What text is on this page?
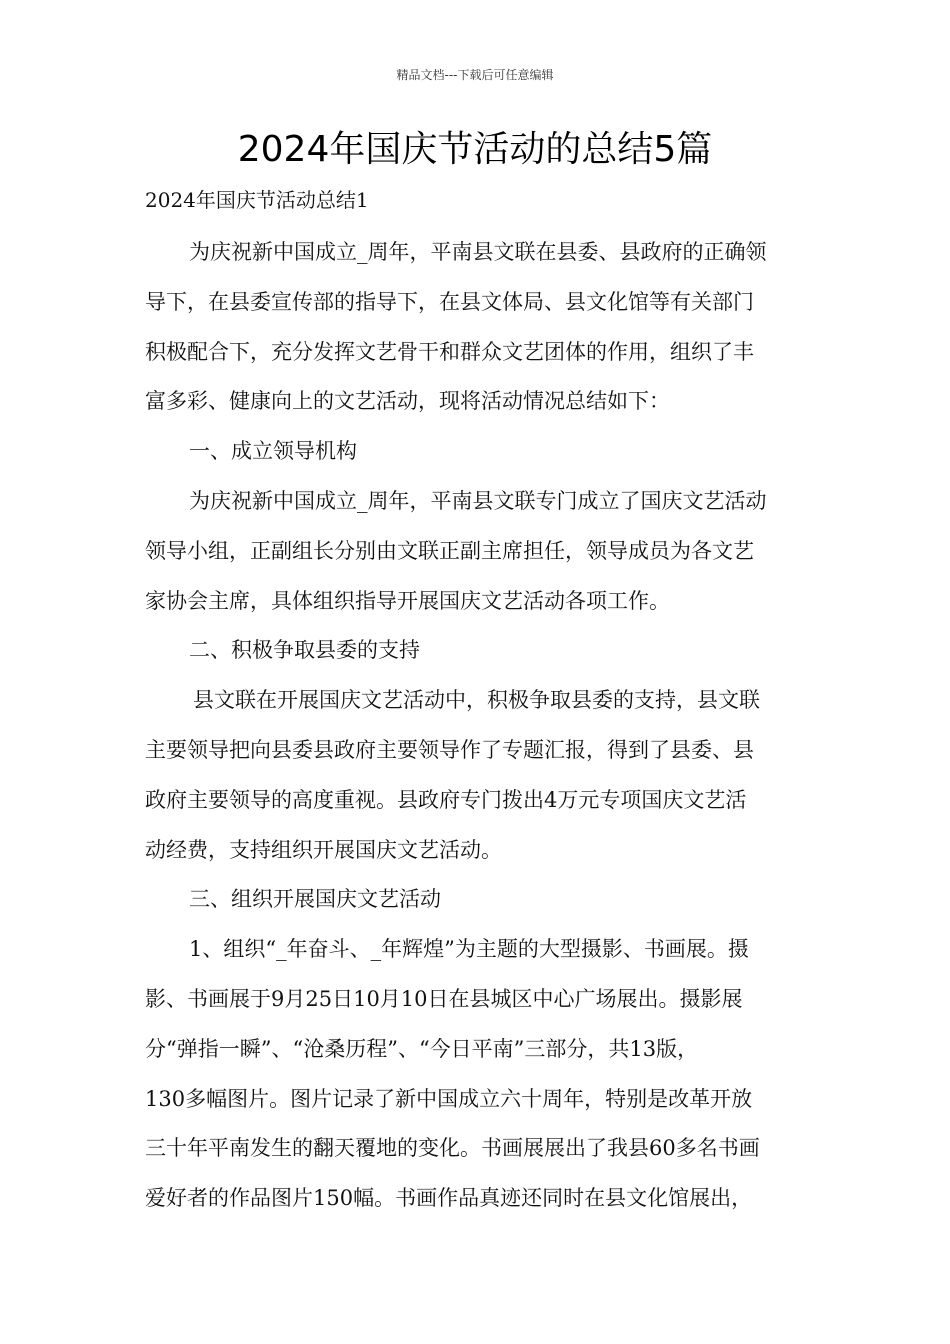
精品文档---下载后可任意编辑
2024年国庆节活动的总结5篇
2024年国庆节活动总结1

为庆祝新中国成立_周年，平南县文联在县委、县政府的正确领

导下，在县委宣传部的指导下，在县文体局、县文化馆等有关部门

积极配合下，充分发挥文艺骨干和群众文艺团体的作用，组织了丰

富多彩、健康向上的文艺活动，现将活动情况总结如下：

一、成立领导机构

为庆祝新中国成立_周年，平南县文联专门成立了国庆文艺活动

领导小组，正副组长分别由文联正副主席担任，领导成员为各文艺

家协会主席，具体组织指导开展国庆文艺活动各项工作。

二、积极争取县委的支持

县文联在开展国庆文艺活动中，积极争取县委的支持，县文联

主要领导把向县委县政府主要领导作了专题汇报，得到了县委、县

政府主要领导的高度重视。县政府专门拨出4万元专项国庆文艺活

动经费，支持组织开展国庆文艺活动。

三、组织开展国庆文艺活动

1、组织“_年奋斗、_年辉煌”为主题的大型摄影、书画展。摄

影、书画展于9月25日10月10日在县城区中心广场展出。摄影展

分“弹指一瞬”、“沧桑历程”、“今日平南”三部分，共13版，

130多幅图片。图片记录了新中国成立六十周年，特别是改革开放

三十年平南发生的翻天覆地的变化。书画展展出了我县60多名书画

爱好者的作品图片150幅。书画作品真迹还同时在县文化馆展出，
